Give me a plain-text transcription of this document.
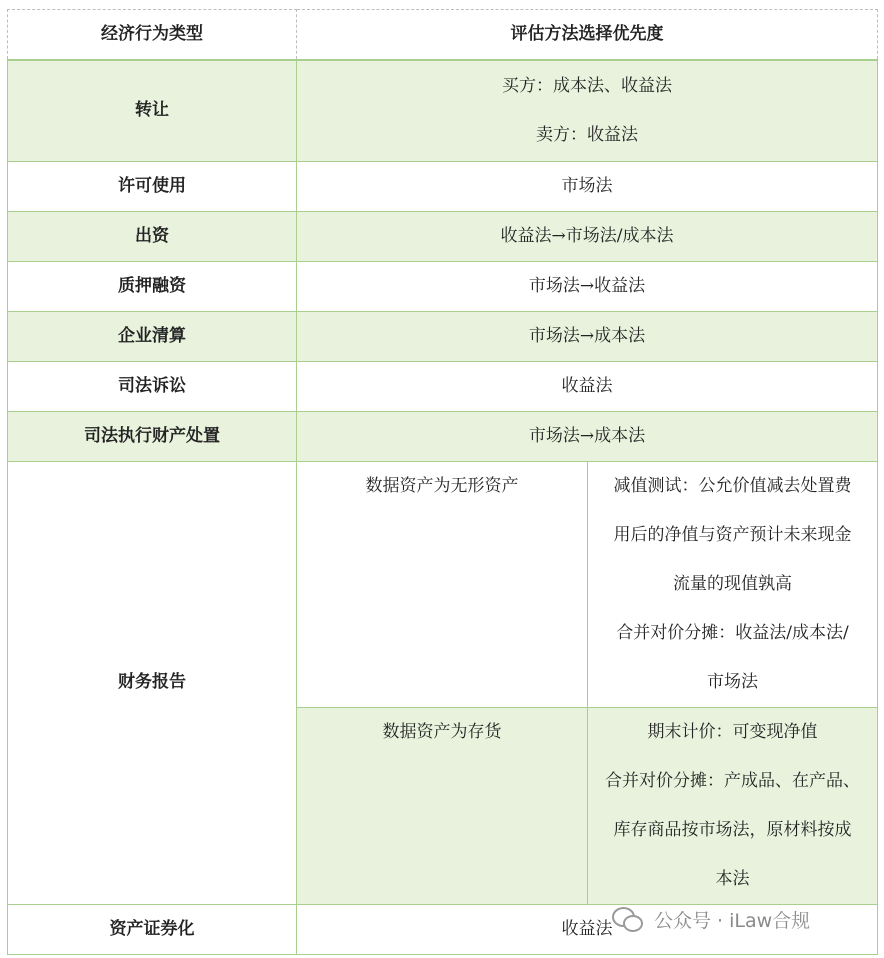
经济行为类型	评估方法选择优先度	
转让	买方：成本法、收益法
卖方：收益法	

许可使用	市场法	
出资	收益法→市场法/成本法	
质押融资	市场法→收益法	
企业清算	市场法→成本法	
司法诉讼	收益法	
司法执行财产处置	市场法→成本法	
财务报告	数据资产为无形资产	减值测试：公允价值减去处置费
用后的净值与资产预计未来现金
流量的现值孰高
合并对价分摊：收益法/成本法/
市场法

	数据资产为存货	期末计价：可变现净值
合并对价分摊：产成品、在产品、
库存商品按市场法，原材料按成
本法

资产证券化	收益法	公众号 · iLaw合规
